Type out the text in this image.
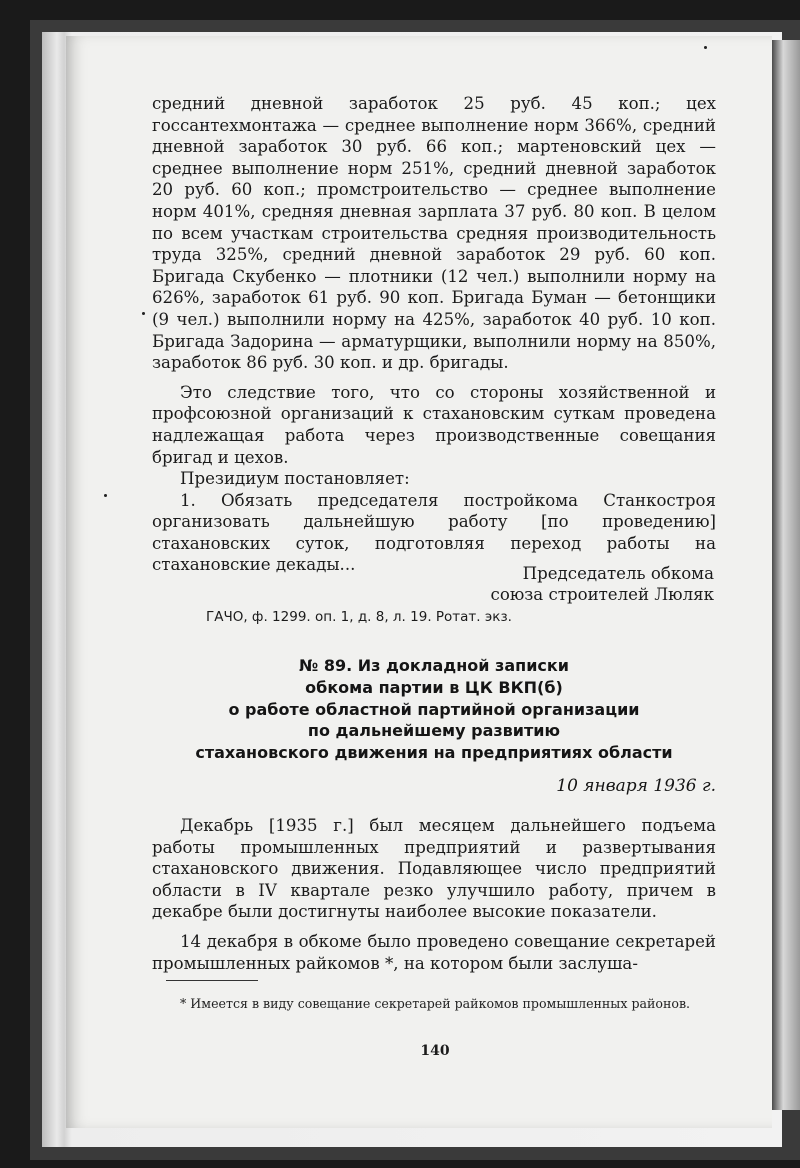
средний дневной заработок 25 руб. 45 коп.; цех госсантехмонтажа — среднее выполнение норм 366%, средний дневной заработок 30 руб. 66 коп.; мартеновский цех — среднее выполнение норм 251%, средний дневной заработок 20 руб. 60 коп.; промстроительство — среднее выполнение норм 401%, средняя дневная зарплата 37 руб. 80 коп. В целом по всем участкам строительства средняя производительность труда 325%, средний дневной заработок 29 руб. 60 коп. Бригада Скубенко — плотники (12 чел.) выполнили норму на 626%, заработок 61 руб. 90 коп. Бригада Буман — бетонщики (9 чел.) выполнили норму на 425%, заработок 40 руб. 10 коп. Бригада Задорина — арматурщики, выполнили норму на 850%, заработок 86 руб. 30 коп. и др. бригады.

Это следствие того, что со стороны хозяйственной и профсоюзной организаций к стахановским суткам проведена надлежащая работа через производственные совещания бригад и цехов.

Президиум постановляет:

1. Обязать председателя постройкома Станкостроя организовать дальнейшую работу [по проведению] стахановских суток, подготовляя переход работы на стахановские декады...	Председатель обкома
союза строителей Люляк
ГАЧО, ф. 1299. оп. 1, д. 8, л. 19. Ротат. экз.
№ 89. Из докладной записки
обкома партии в ЦК ВКП(б)
о работе областной партийной организации
по дальнейшему развитию
стахановского движения на предприятиях области
10 января 1936 г.

Декабрь [1935 г.] был месяцем дальнейшего подъема работы промышленных предприятий и развертывания стахановского движения. Подавляющее число предприятий области в IV квартале резко улучшило работу, причем в декабре были достигнуты наиболее высокие показатели.

14 декабря в обкоме было проведено совещание секретарей промышленных райкомов *, на котором были заслуша-

* Имеется в виду совещание секретарей райкомов промышленных районов.
140
